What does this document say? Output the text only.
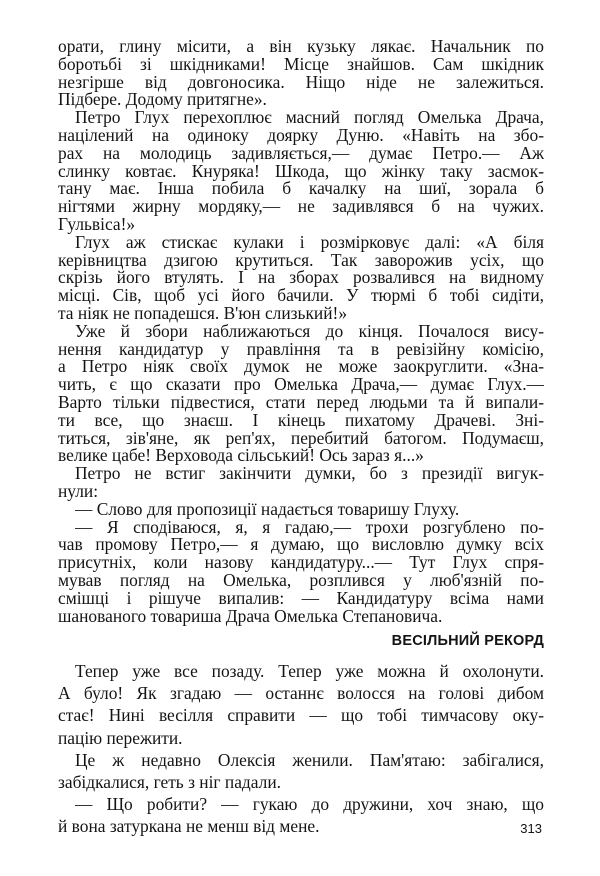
орати, глину місити, а він кузьку лякає. Начальник по
боротьбі зі шкідниками! Місце знайшов. Сам шкідник
незгірше від довгоносика. Ніщо ніде не залежиться.
Підбере. Додому притягне».
Петро Глух перехоплює масний погляд Омелька Драча,
націлений на одиноку доярку Дуню. «Навіть на збо-
рах на молодиць задивляється,— думає Петро.— Аж
слинку ковтає. Кнуряка! Шкода, що жінку таку засмок-
тану має. Інша побила б качалку на шиї, зорала б
нігтями жирну мордяку,— не задивлявся б на чужих.
Гульвіса!»
Глух аж стискає кулаки і розмірковує далі: «А біля
керівництва дзигою крутиться. Так заворожив усіх, що
скрізь його втулять. І на зборах розвалився на видному
місці. Сів, щоб усі його бачили. У тюрмі б тобі сидіти,
та ніяк не попадешся. В'юн слизький!»
Уже й збори наближаються до кінця. Почалося вису-
нення кандидатур у правління та в ревізійну комісію,
а Петро ніяк своїх думок не може заокруглити. «Зна-
чить, є що сказати про Омелька Драча,— думає Глух.—
Варто тільки підвестися, стати перед людьми та й випали-
ти все, що знаєш. І кінець пихатому Драчеві. Зні-
титься, зів'яне, як реп'ях, перебитий батогом. Подумаєш,
велике цабе! Верховода сільський! Ось зараз я...»
Петро не встиг закінчити думки, бо з президії вигук-
нули:
— Слово для пропозиції надається товаришу Глуху.
— Я сподіваюся, я, я гадаю,— трохи розгублено по-
чав промову Петро,— я думаю, що висловлю думку всіх
присутніх, коли назову кандидатуру...— Тут Глух спря-
мував погляд на Омелька, розплився у люб'язній по-
смішці і рішуче випалив: — Кандидатуру всіма нами
шанованого товариша Драча Омелька Степановича.
ВЕСІЛЬНИЙ РЕКОРД
Тепер уже все позаду. Тепер уже можна й охолонути.
А було! Як згадаю — останнє волосся на голові дибом
стає! Нині весілля справити — що тобі тимчасову оку-
пацію пережити.
Це ж недавно Олексія женили. Пам'ятаю: забігалися,
забідкалися, геть з ніг падали.
— Що робити? — гукаю до дружини, хоч знаю, що
й вона затуркана не менш від мене.	313
